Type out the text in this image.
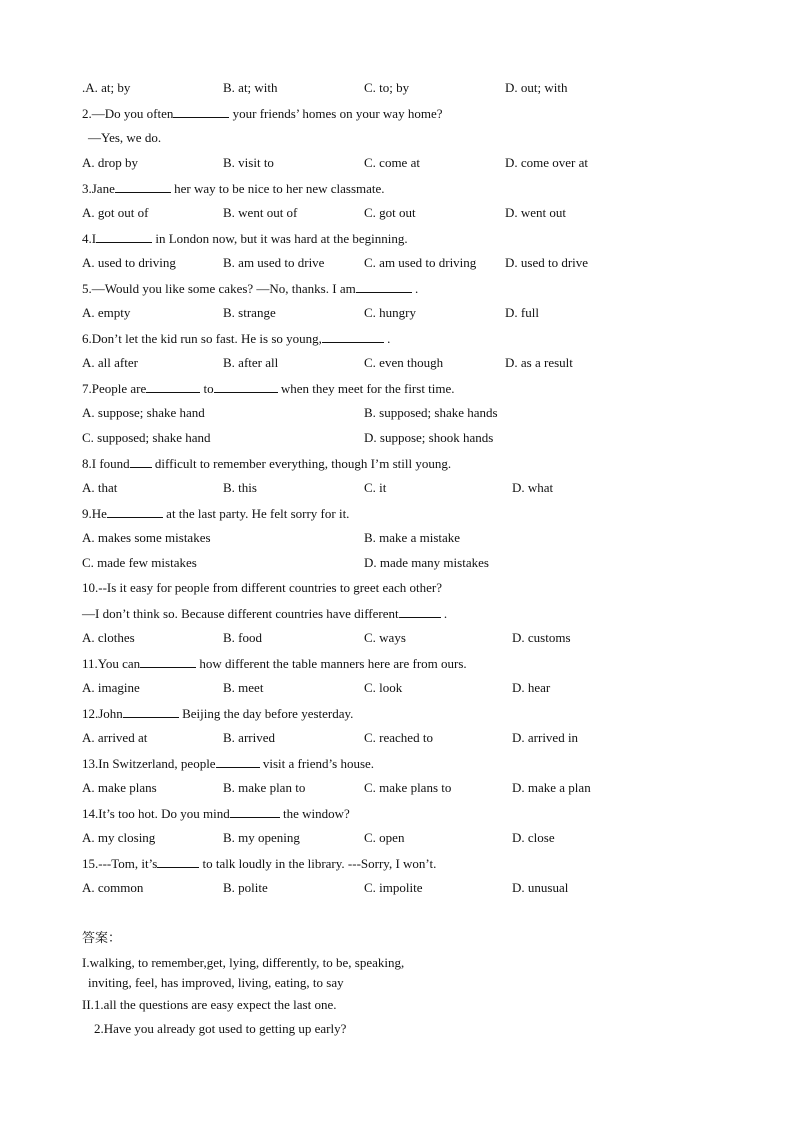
.A. at; by	B. at; with	C. to; by	D. out; with
2.—Do you often	your friends’ homes on your way home?
—Yes, we do.
A. drop by	B. visit to	C. come at	D. come over at
3.Jane	her way to be nice to her new classmate.
A. got out of	B. went out of	C. got out	D. went out
4.I	in London now, but it was hard at the beginning.
A. used to driving	B. am used to drive	C. am used to driving D. used to drive
5.—Would you like some cakes? —No, thanks. I am	.
A. empty	B. strange	C. hungry	D. full
6.Don’t let the kid run so fast. He is so young,	.
A. all after	B. after all	C. even though	D. as a result
7.People are	to	when they meet for the first time.
A. suppose; shake hand	B. supposed; shake hands
C. supposed; shake hand	D. suppose; shook hands
8.I found difficult to remember everything, though I’m still young.
A. that	B. this	C. it	D. what
9.He	at the last party. He felt sorry for it.
A. makes some mistakes	B. make a mistake
C. made few mistakes	D. made many mistakes
10.--Is it easy for people from different countries to greet each other?
—I don’t think so. Because different countries have different	.
A. clothes	B. food	C. ways	D. customs
11.You can	how different the table manners here are from ours.
A. imagine	B. meet	C. look	D. hear
12.John	Beijing the day before yesterday.
A. arrived at	B. arrived	C. reached to	D. arrived in
13.In Switzerland, people	visit a friend’s house.
A. make plans	B. make plan to	C. make plans to	D. make a plan
14.It’s too hot. Do you mind	the window?
A. my closing	B. my opening	C. open	D. close
15.---Tom, it’s	to talk loudly in the library. ---Sorry, I won’t.
A. common	B. polite	C. impolite	D. unusual
答案：
I.walking, to remember,get, lying, differently, to be, speaking,
inviting, feel, has improved, living, eating, to say
II.1.all the questions are easy expect the last one.
2.Have you already got used to getting up early?
